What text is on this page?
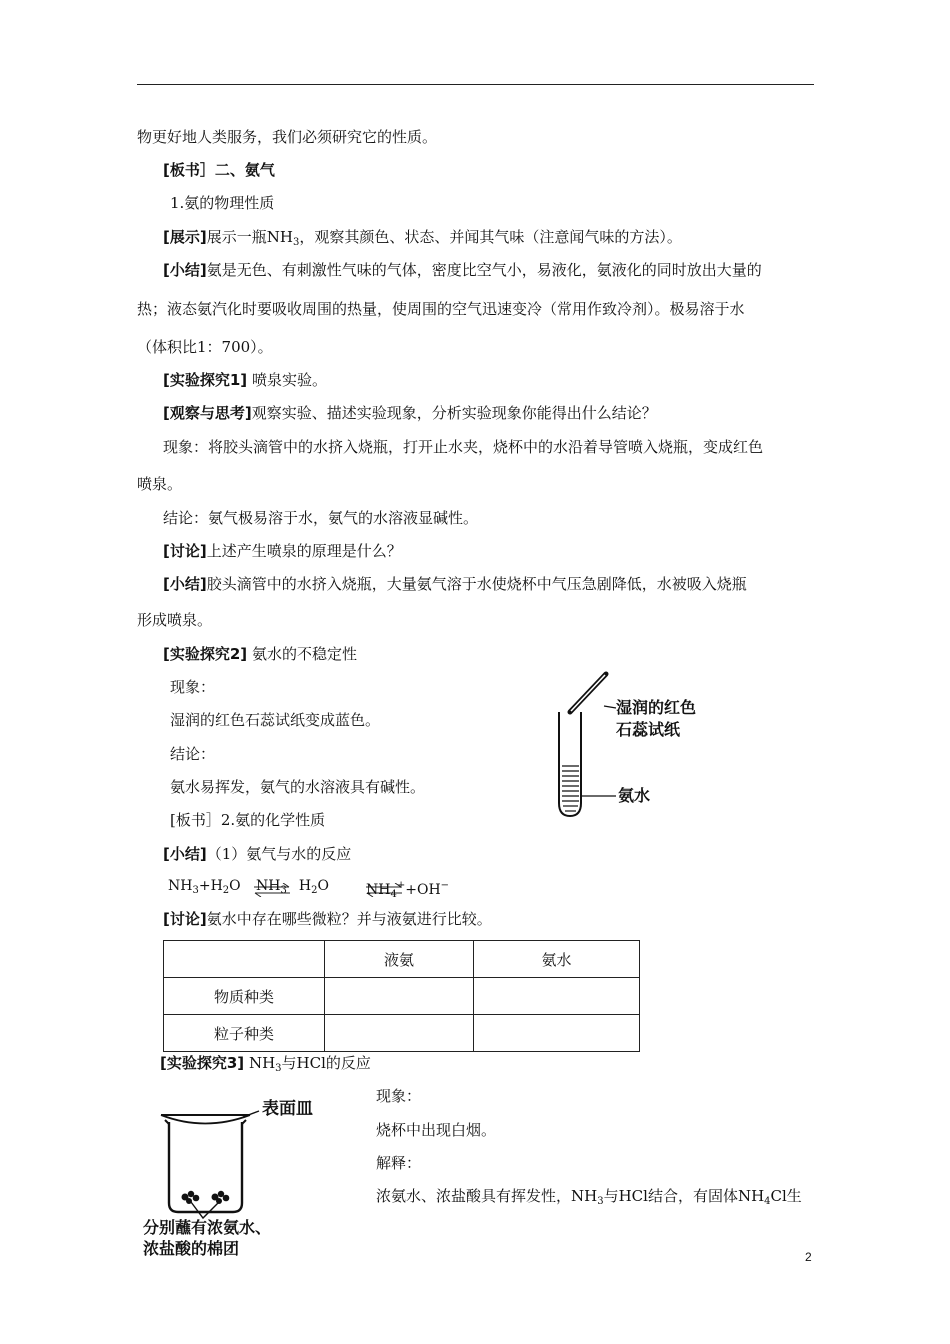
物更好地人类服务，我们必须研究它的性质。
[板书］二、氨气
1.氨的物理性质
[展示]展示一瓶$NH_3$，观察其颜色、状态、并闻其气味（注意闻气味的方法）。
[小结]氨是无色、有刺激性气味的气体，密度比空气小，易液化，氨液化的同时放出大量的
热；液态氨汽化时要吸收周围的热量，使周围的空气迅速变冷（常用作致冷剂）。极易溶于水
（体积比1：700）。
[实验探究1] 喷泉实验。
[观察与思考]观察实验、描述实验现象，分析实验现象你能得出什么结论？
现象：将胶头滴管中的水挤入烧瓶，打开止水夹，烧杯中的水沿着导管喷入烧瓶，变成红色
喷泉。
结论：氨气极易溶于水，氨气的水溶液显碱性。
[讨论]上述产生喷泉的原理是什么？
[小结]胶头滴管中的水挤入烧瓶，大量氨气溶于水使烧杯中气压急剧降低，水被吸入烧瓶
形成喷泉。
[实验探究2] 氨水的不稳定性
现象：
湿润的红色石蕊试纸变成蓝色。
结论：
氨水易挥发，氨气的水溶液具有碱性。
[板书］2.氨的化学性质
[小结]（1）氨气与水的反应
$NH_3+H_2O$ ⇌
$NH_3$ $H_2O$	$NH_4^++OH^-$
[讨论]氨水中存在哪些微粒？并与液氨进行比较。
	液氨	氨水
物质种类		
粒子种类		
[实验探究3] $NH_3$与HCl的反应
现象：
烧杯中出现白烟。
解释：
浓氨水、浓盐酸具有挥发性，$NH_3$与HCl结合，有固体$NH_4Cl$生
湿润的红色
石蕊试纸
氨水
表面皿
分别蘸有浓氨水、
浓盐酸的棉团	2
